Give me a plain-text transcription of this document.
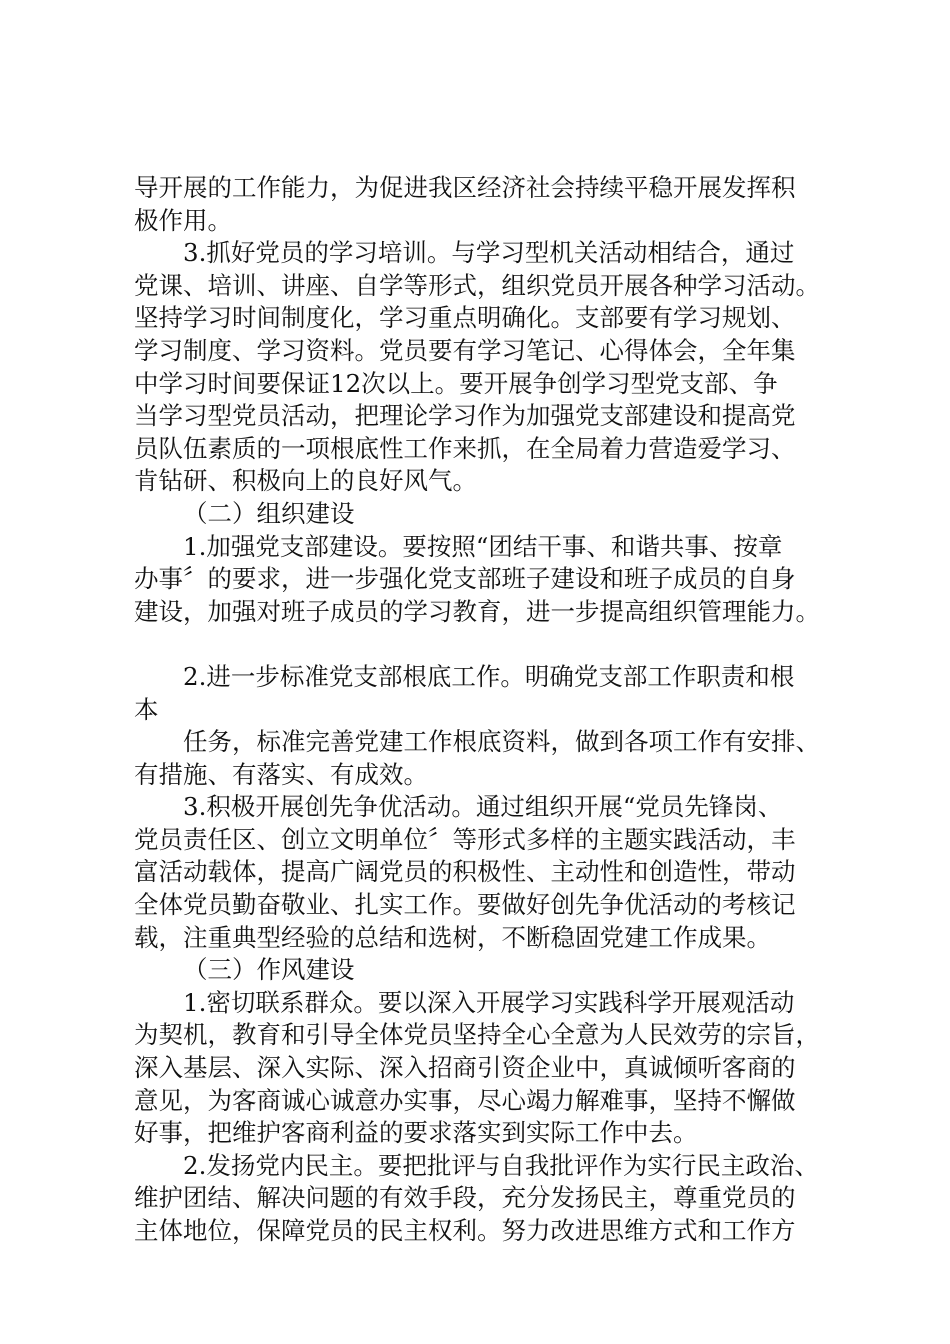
导开展的工作能力，为促进我区经济社会持续平稳开展发挥积
极作用。
3.抓好党员的学习培训。与学习型机关活动相结合，通过
党课、培训、讲座、自学等形式，组织党员开展各种学习活动。
坚持学习时间制度化，学习重点明确化。支部要有学习规划、
学习制度、学习资料。党员要有学习笔记、心得体会，全年集
中学习时间要保证12次以上。要开展争创学习型党支部、争
当学习型党员活动，把理论学习作为加强党支部建设和提高党
员队伍素质的一项根底性工作来抓，在全局着力营造爱学习、
肯钻研、积极向上的良好风气。
（二）组织建设
1.加强党支部建设。要按照“团结干事、和谐共事、按章
办事〞的要求，进一步强化党支部班子建设和班子成员的自身
建设，加强对班子成员的学习教育，进一步提高组织管理能力。
2.进一步标准党支部根底工作。明确党支部工作职责和根
本
任务，标准完善党建工作根底资料，做到各项工作有安排、
有措施、有落实、有成效。
3.积极开展创先争优活动。通过组织开展“党员先锋岗、
党员责任区、创立文明单位〞等形式多样的主题实践活动，丰
富活动载体，提高广阔党员的积极性、主动性和创造性，带动
全体党员勤奋敬业、扎实工作。要做好创先争优活动的考核记
载，注重典型经验的总结和选树，不断稳固党建工作成果。
（三）作风建设
1.密切联系群众。要以深入开展学习实践科学开展观活动
为契机，教育和引导全体党员坚持全心全意为人民效劳的宗旨，
深入基层、深入实际、深入招商引资企业中，真诚倾听客商的
意见，为客商诚心诚意办实事，尽心竭力解难事，坚持不懈做
好事，把维护客商利益的要求落实到实际工作中去。
2.发扬党内民主。要把批评与自我批评作为实行民主政治、
维护团结、解决问题的有效手段，充分发扬民主，尊重党员的
主体地位，保障党员的民主权利。努力改进思维方式和工作方
